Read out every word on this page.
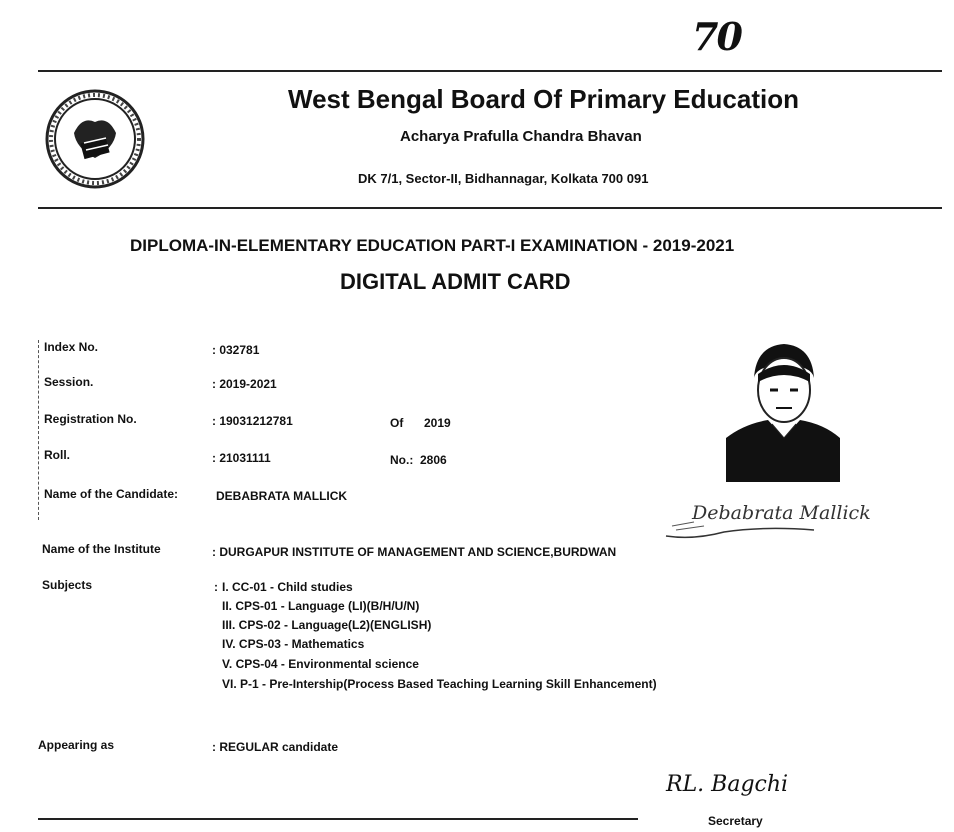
70
West Bengal Board Of Primary Education
Acharya Prafulla Chandra Bhavan
DK 7/1, Sector-II, Bidhannagar, Kolkata 700 091
DIPLOMA-IN-ELEMENTARY EDUCATION PART-I EXAMINATION - 2019-2021
DIGITAL ADMIT CARD
Index No.	: 032781
Session.	: 2019-2021
Registration No.	: 19031212781	Of 2019
Roll.	: 21031111	No.: 2806
Name of the Candidate:	DEBABRATA MALLICK
Name of the Institute	: DURGAPUR INSTITUTE OF MANAGEMENT AND SCIENCE,BURDWAN
Subjects	: I. CC-01 - Child studies
II. CPS-01 - Language (LI)(B/H/U/N)
III. CPS-02 - Language(L2)(ENGLISH)
IV. CPS-03 - Mathematics
V. CPS-04 - Environmental science
VI. P-1 - Pre-Intership(Process Based Teaching Learning Skill Enhancement)
Appearing as	: REGULAR candidate
Debabrata Mallick
RL. Bagchi
Secretary
